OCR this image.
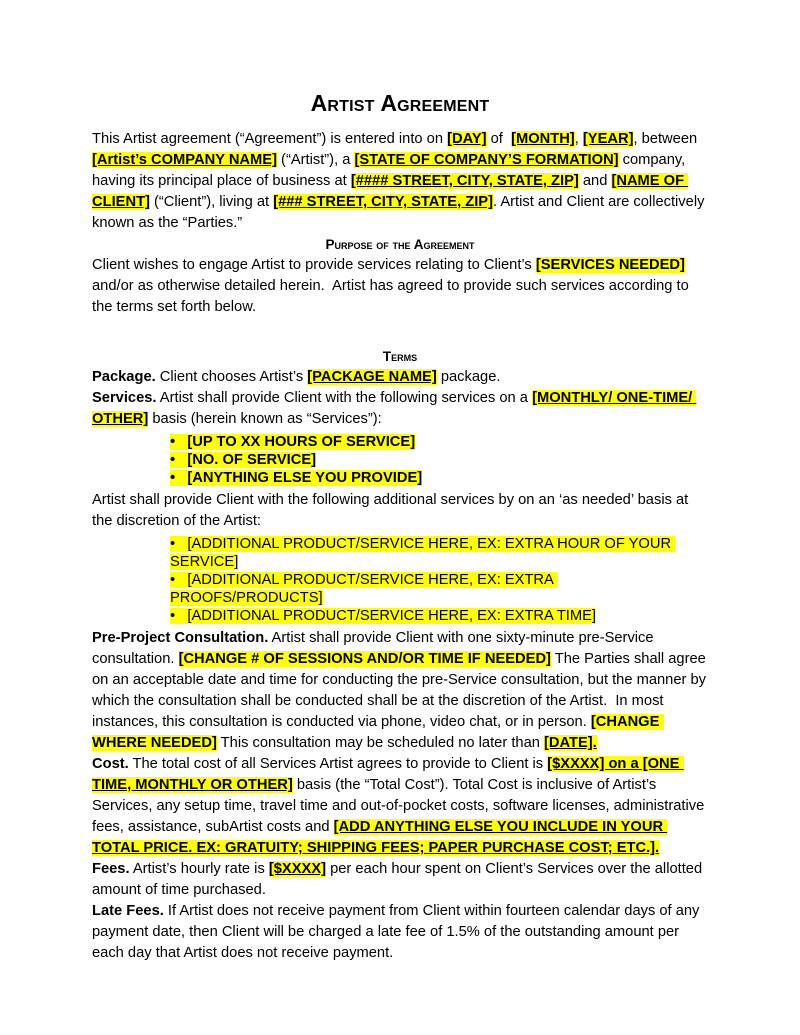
Artist Agreement

This Artist agreement (“Agreement”) is entered into on [DAY] of  [MONTH], [YEAR], between [Artist’s COMPANY NAME] (“Artist”), a [STATE OF COMPANY’S FORMATION] company, having its principal place of business at [#### STREET, CITY, STATE, ZIP] and [NAME OF CLIENT] (“Client”), living at [### STREET, CITY, STATE, ZIP]. Artist and Client are collectively known as the “Parties.”

Purpose of the Agreement

Client wishes to engage Artist to provide services relating to Client’s [SERVICES NEEDED] and/or as otherwise detailed herein.  Artist has agreed to provide such services according to the terms set forth below.

Terms

Package. Client chooses Artist’s [PACKAGE NAME] package.

Services. Artist shall provide Client with the following services on a [MONTHLY/ ONE-TIME/ OTHER] basis (herein known as “Services”):

•   [UP TO XX HOURS OF SERVICE]
•   [NO. OF SERVICE]
•   [ANYTHING ELSE YOU PROVIDE]

Artist shall provide Client with the following additional services by on an ‘as needed’ basis at the discretion of the Artist:

•   [ADDITIONAL PRODUCT/SERVICE HERE, EX: EXTRA HOUR OF YOUR SERVICE]
•   [ADDITIONAL PRODUCT/SERVICE HERE, EX: EXTRA PROOFS/PRODUCTS]
•   [ADDITIONAL PRODUCT/SERVICE HERE, EX: EXTRA TIME]

Pre-Project Consultation. Artist shall provide Client with one sixty-minute pre-Service consultation. [CHANGE # OF SESSIONS AND/OR TIME IF NEEDED] The Parties shall agree on an acceptable date and time for conducting the pre-Service consultation, but the manner by which the consultation shall be conducted shall be at the discretion of the Artist.  In most instances, this consultation is conducted via phone, video chat, or in person. [CHANGE WHERE NEEDED] This consultation may be scheduled no later than [DATE].

Cost. The total cost of all Services Artist agrees to provide to Client is [$XXXX] on a [ONE TIME, MONTHLY OR OTHER] basis (the “Total Cost”). Total Cost is inclusive of Artist’s Services, any setup time, travel time and out-of-pocket costs, software licenses, administrative fees, assistance, subArtist costs and [ADD ANYTHING ELSE YOU INCLUDE IN YOUR TOTAL PRICE. EX: GRATUITY; SHIPPING FEES; PAPER PURCHASE COST; ETC.].

Fees. Artist’s hourly rate is [$XXXX] per each hour spent on Client’s Services over the allotted amount of time purchased.

Late Fees. If Artist does not receive payment from Client within fourteen calendar days of any payment date, then Client will be charged a late fee of 1.5% of the outstanding amount per each day that Artist does not receive payment.
